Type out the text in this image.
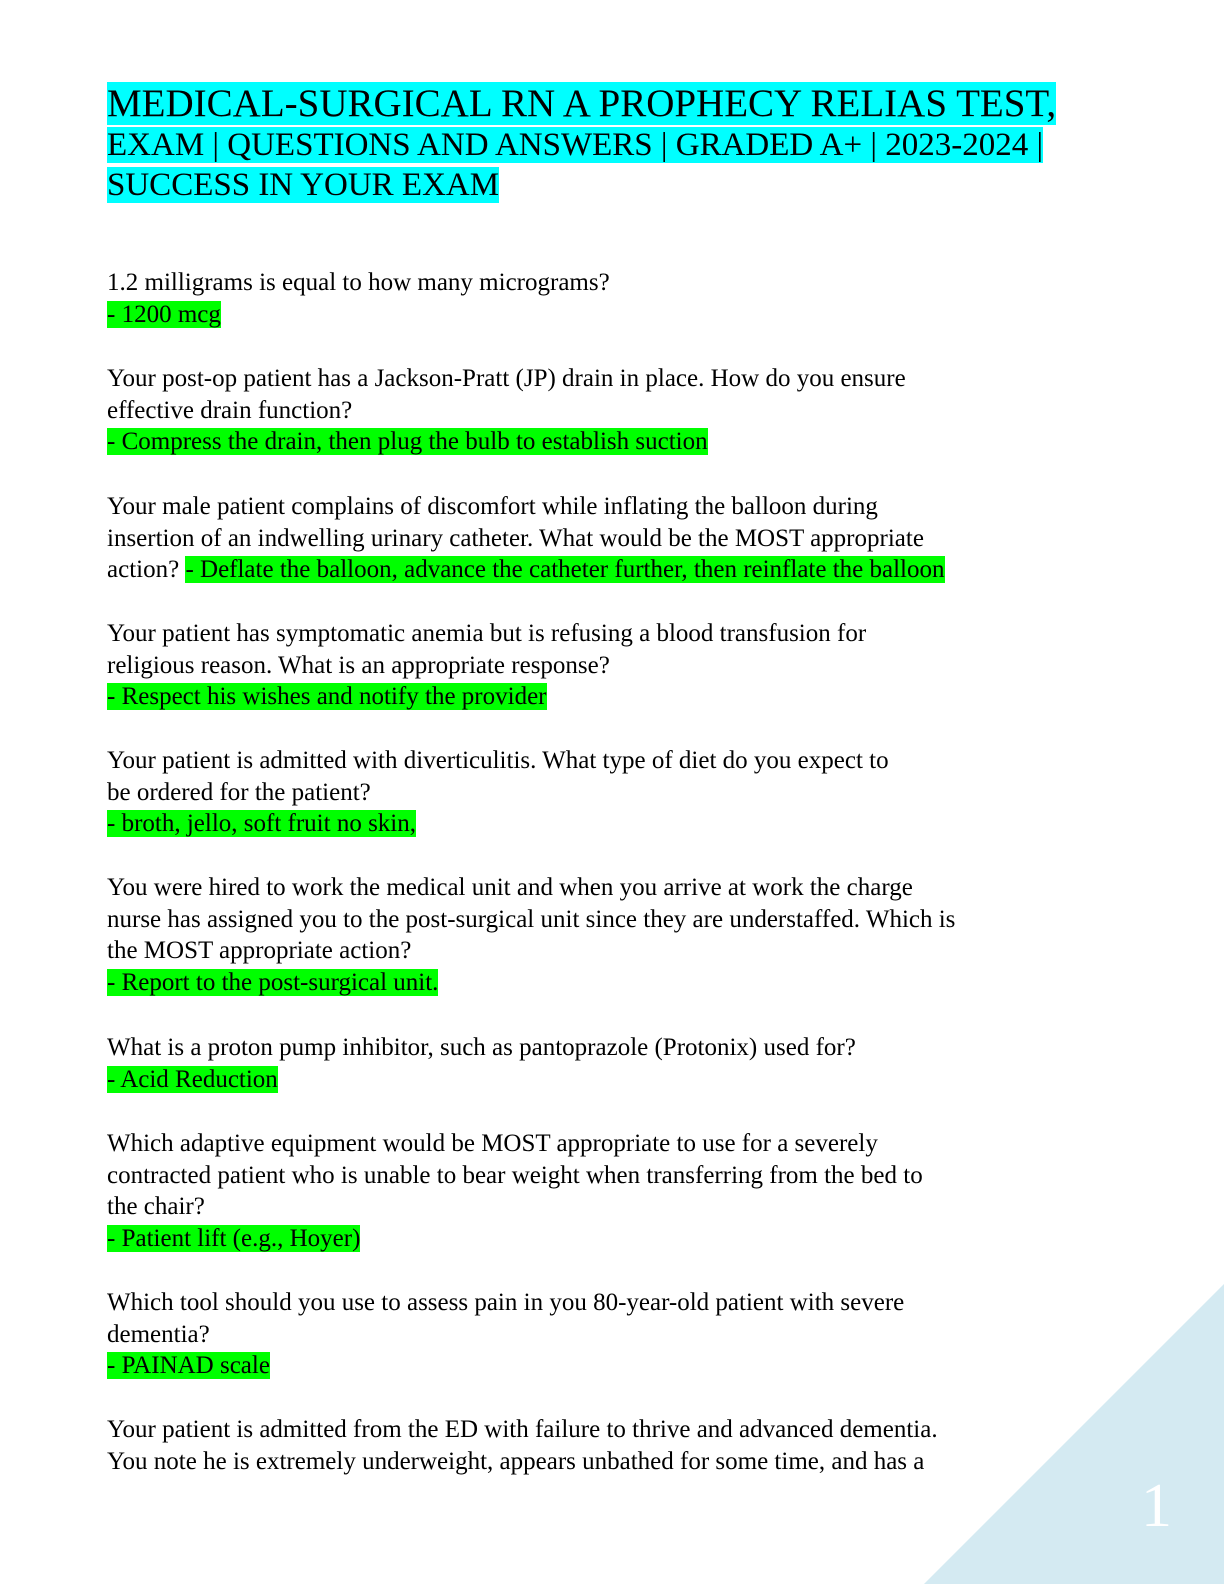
MEDICAL-SURGICAL RN A PROPHECY RELIAS TEST,
EXAM | QUESTIONS AND ANSWERS | GRADED A+ | 2023-2024 |
SUCCESS IN YOUR EXAM
1.2 milligrams is equal to how many micrograms?
- 1200 mcg
Your post-op patient has a Jackson-Pratt (JP) drain in place. How do you ensure
effective drain function?
- Compress the drain, then plug the bulb to establish suction
Your male patient complains of discomfort while inflating the balloon during
insertion of an indwelling urinary catheter. What would be the MOST appropriate
action? - Deflate the balloon, advance the catheter further, then reinflate the balloon
Your patient has symptomatic anemia but is refusing a blood transfusion for
religious reason. What is an appropriate response?
- Respect his wishes and notify the provider
Your patient is admitted with diverticulitis. What type of diet do you expect to
be ordered for the patient?
- broth, jello, soft fruit no skin,
You were hired to work the medical unit and when you arrive at work the charge
nurse has assigned you to the post-surgical unit since they are understaffed. Which is
the MOST appropriate action?
- Report to the post-surgical unit.
What is a proton pump inhibitor, such as pantoprazole (Protonix) used for?
- Acid Reduction
Which adaptive equipment would be MOST appropriate to use for a severely
contracted patient who is unable to bear weight when transferring from the bed to
the chair?
- Patient lift (e.g., Hoyer)
Which tool should you use to assess pain in you 80-year-old patient with severe
dementia?
- PAINAD scale
Your patient is admitted from the ED with failure to thrive and advanced dementia.
You note he is extremely underweight, appears unbathed for some time, and has a
1
